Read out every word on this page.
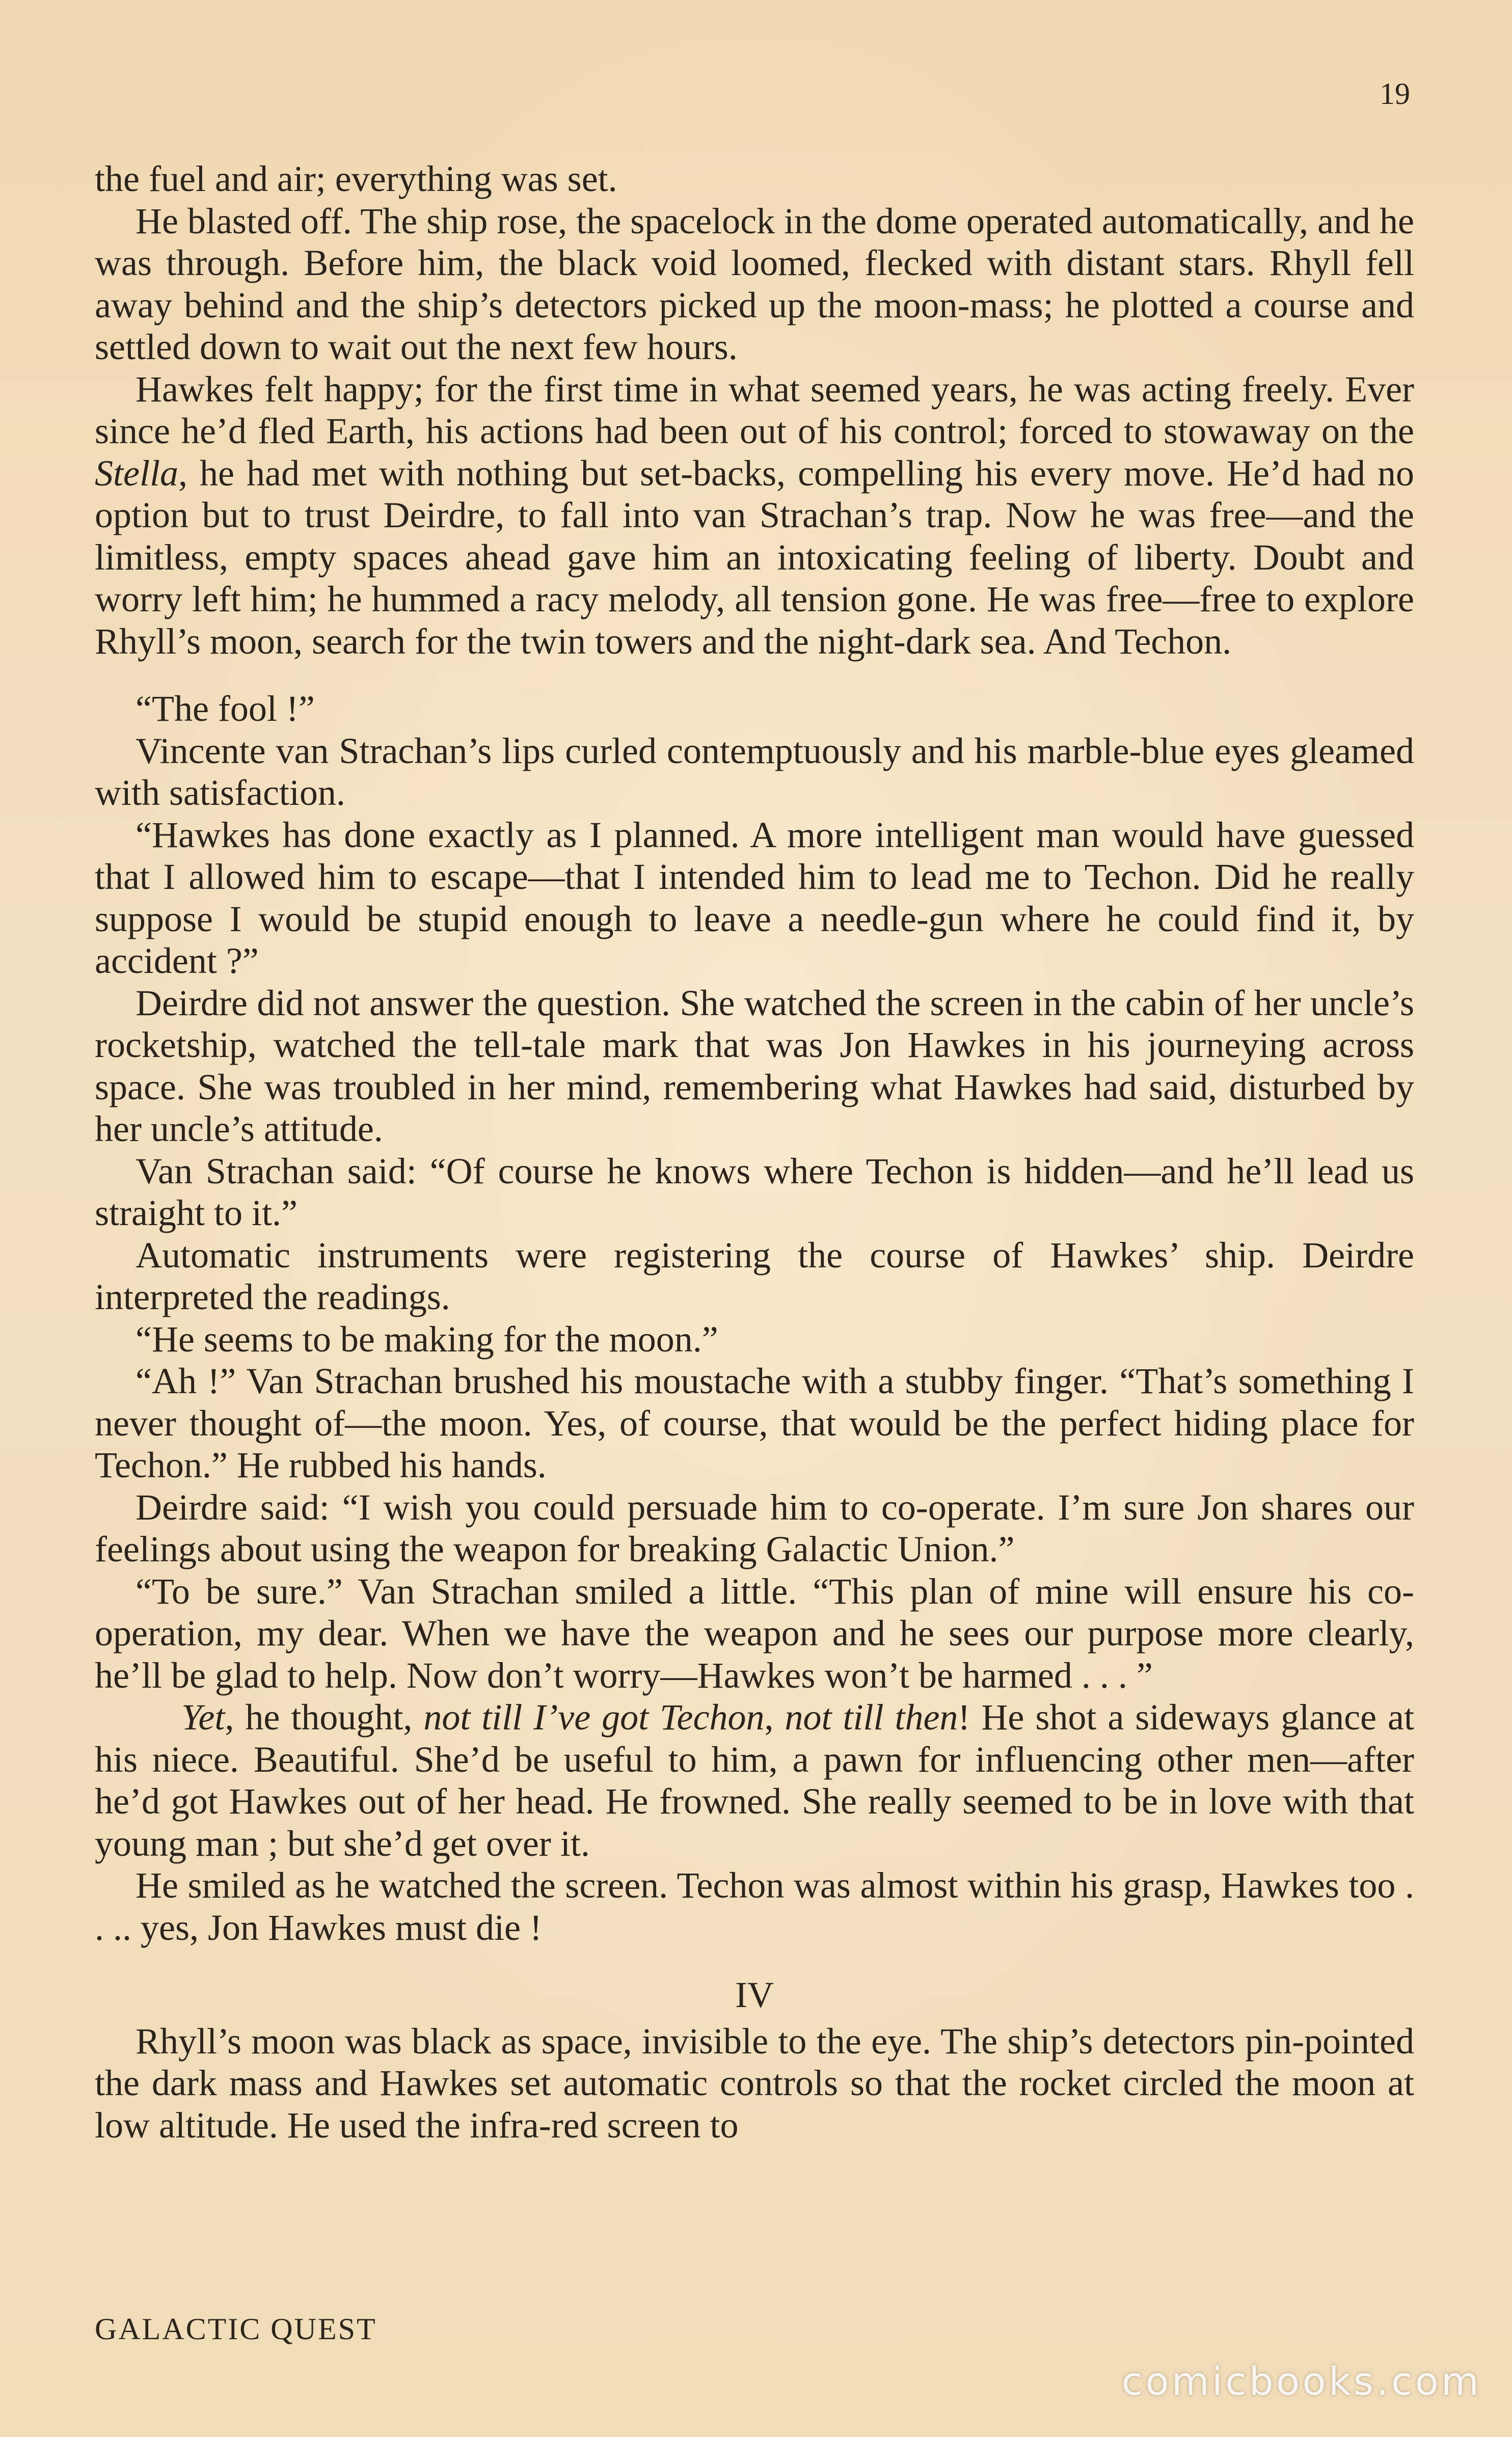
19

the fuel and air; everything was set.

He blasted off. The ship rose, the spacelock in the dome operated automatically, and he was through. Before him, the black void loomed, flecked with distant stars. Rhyll fell away behind and the ship’s detectors picked up the moon-mass; he plotted a course and settled down to wait out the next few hours.

Hawkes felt happy; for the first time in what seemed years, he was acting freely. Ever since he’d fled Earth, his actions had been out of his control; forced to stowaway on the Stella, he had met with nothing but set-backs, compelling his every move. He’d had no option but to trust Deirdre, to fall into van Strachan’s trap. Now he was free—and the limitless, empty spaces ahead gave him an intoxicating feeling of liberty. Doubt and worry left him; he hummed a racy melody, all tension gone. He was free—free to explore Rhyll’s moon, search for the twin towers and the night-dark sea. And Techon.

“The fool !”

Vincente van Strachan’s lips curled contemptuously and his marble-blue eyes gleamed with satisfaction.

“Hawkes has done exactly as I planned. A more intelligent man would have guessed that I allowed him to escape—that I intended him to lead me to Techon. Did he really suppose I would be stupid enough to leave a needle-gun where he could find it, by accident ?”

Deirdre did not answer the question. She watched the screen in the cabin of her uncle’s rocketship, watched the tell-tale mark that was Jon Hawkes in his journeying across space. She was troubled in her mind, remembering what Hawkes had said, disturbed by her uncle’s attitude.

Van Strachan said: “Of course he knows where Techon is hidden—and he’ll lead us straight to it.”

Automatic instruments were registering the course of Hawkes’ ship. Deirdre interpreted the readings.

“He seems to be making for the moon.”

“Ah !” Van Strachan brushed his moustache with a stubby finger. “That’s something I never thought of—the moon. Yes, of course, that would be the perfect hiding place for Techon.” He rubbed his hands.

Deirdre said: “I wish you could persuade him to co-operate. I’m sure Jon shares our feelings about using the weapon for breaking Galactic Union.”

“To be sure.” Van Strachan smiled a little. “This plan of mine will ensure his co-operation, my dear. When we have the weapon and he sees our purpose more clearly, he’ll be glad to help. Now don’t worry—Hawkes won’t be harmed . . . ”

Yet, he thought, not till I’ve got Techon, not till then! He shot a sideways glance at his niece. Beautiful. She’d be useful to him, a pawn for influencing other men—after he’d got Hawkes out of her head. He frowned. She really seemed to be in love with that young man ; but she’d get over it.

He smiled as he watched the screen. Techon was almost within his grasp, Hawkes too . . .. yes, Jon Hawkes must die !

IV

Rhyll’s moon was black as space, invisible to the eye. The ship’s detectors pin-pointed the dark mass and Hawkes set automatic controls so that the rocket circled the moon at low altitude. He used the infra-red screen to

GALACTIC QUEST
comicbooks.com
